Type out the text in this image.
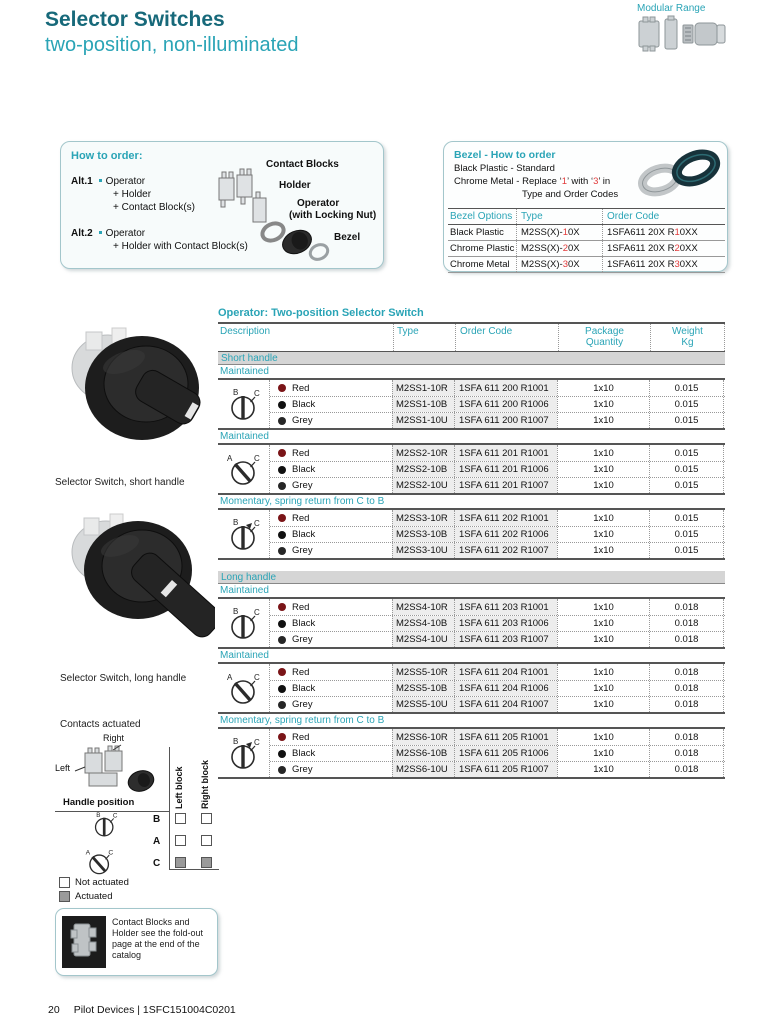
Selector Switches
two-position, non-illuminated
Modular Range
How to order:
Alt.1 Operator
+ Holder
+ Contact Block(s)
Alt.2 Operator
+ Holder with Contact Block(s)
Contact Blocks
Holder
Operator
(with Locking Nut)
Bezel
Bezel - How to order
Black Plastic - Standard
Chrome Metal - Replace ‘1’ with ‘3’ in
Type and Order Codes
Bezel Options Type	Order Code
Black Plastic	M2SS(X)-10X	1SFA611 20X R10XX
Chrome Plastic M2SS(X)-20X	1SFA611 20X R20XX
Chrome Metal	M2SS(X)-30X	1SFA611 20X R30XX
Selector Switch, short handle
Selector Switch, long handle
Contacts actuated
Right
Left	Left block Right block
Handle position
B C
A C
B
A
C
Not actuated
Actuated
Contact Blocks and Holder see the fold-out page at the end of the catalog
Operator: Two-position Selector Switch
Description	Type	Order Code	Package
Quantity
Weight
Kg
Short handle
Maintained
B C	Red	M2SS1-10R	1SFA 611 200 R1001	1x10	0.015
Black	M2SS1-10B	1SFA 611 200 R1006	1x10	0.015
Grey	M2SS1-10U	1SFA 611 200 R1007	1x10	0.015
Maintained
A	C	Red	M2SS2-10R	1SFA 611 201 R1001	1x10	0.015
Black	M2SS2-10B	1SFA 611 201 R1006	1x10	0.015
Grey	M2SS2-10U	1SFA 611 201 R1007	1x10	0.015
Momentary, spring return from C to B
B C	Red	M2SS3-10R	1SFA 611 202 R1001	1x10	0.015
Black	M2SS3-10B	1SFA 611 202 R1006	1x10	0.015
Grey	M2SS3-10U	1SFA 611 202 R1007	1x10	0.015
Long handle
Maintained
B C	Red	M2SS4-10R	1SFA 611 203 R1001	1x10	0.018
Black	M2SS4-10B	1SFA 611 203 R1006	1x10	0.018
Grey	M2SS4-10U	1SFA 611 203 R1007	1x10	0.018
Maintained
A	C	Red	M2SS5-10R	1SFA 611 204 R1001	1x10	0.018
Black	M2SS5-10B	1SFA 611 204 R1006	1x10	0.018
Grey	M2SS5-10U	1SFA 611 204 R1007	1x10	0.018
Momentary, spring return from C to B
B C	Red	M2SS6-10R	1SFA 611 205 R1001	1x10	0.018
Black	M2SS6-10B	1SFA 611 205 R1006	1x10	0.018
Grey	M2SS6-10U	1SFA 611 205 R1007	1x10	0.018
20 Pilot Devices | 1SFC151004C0201
